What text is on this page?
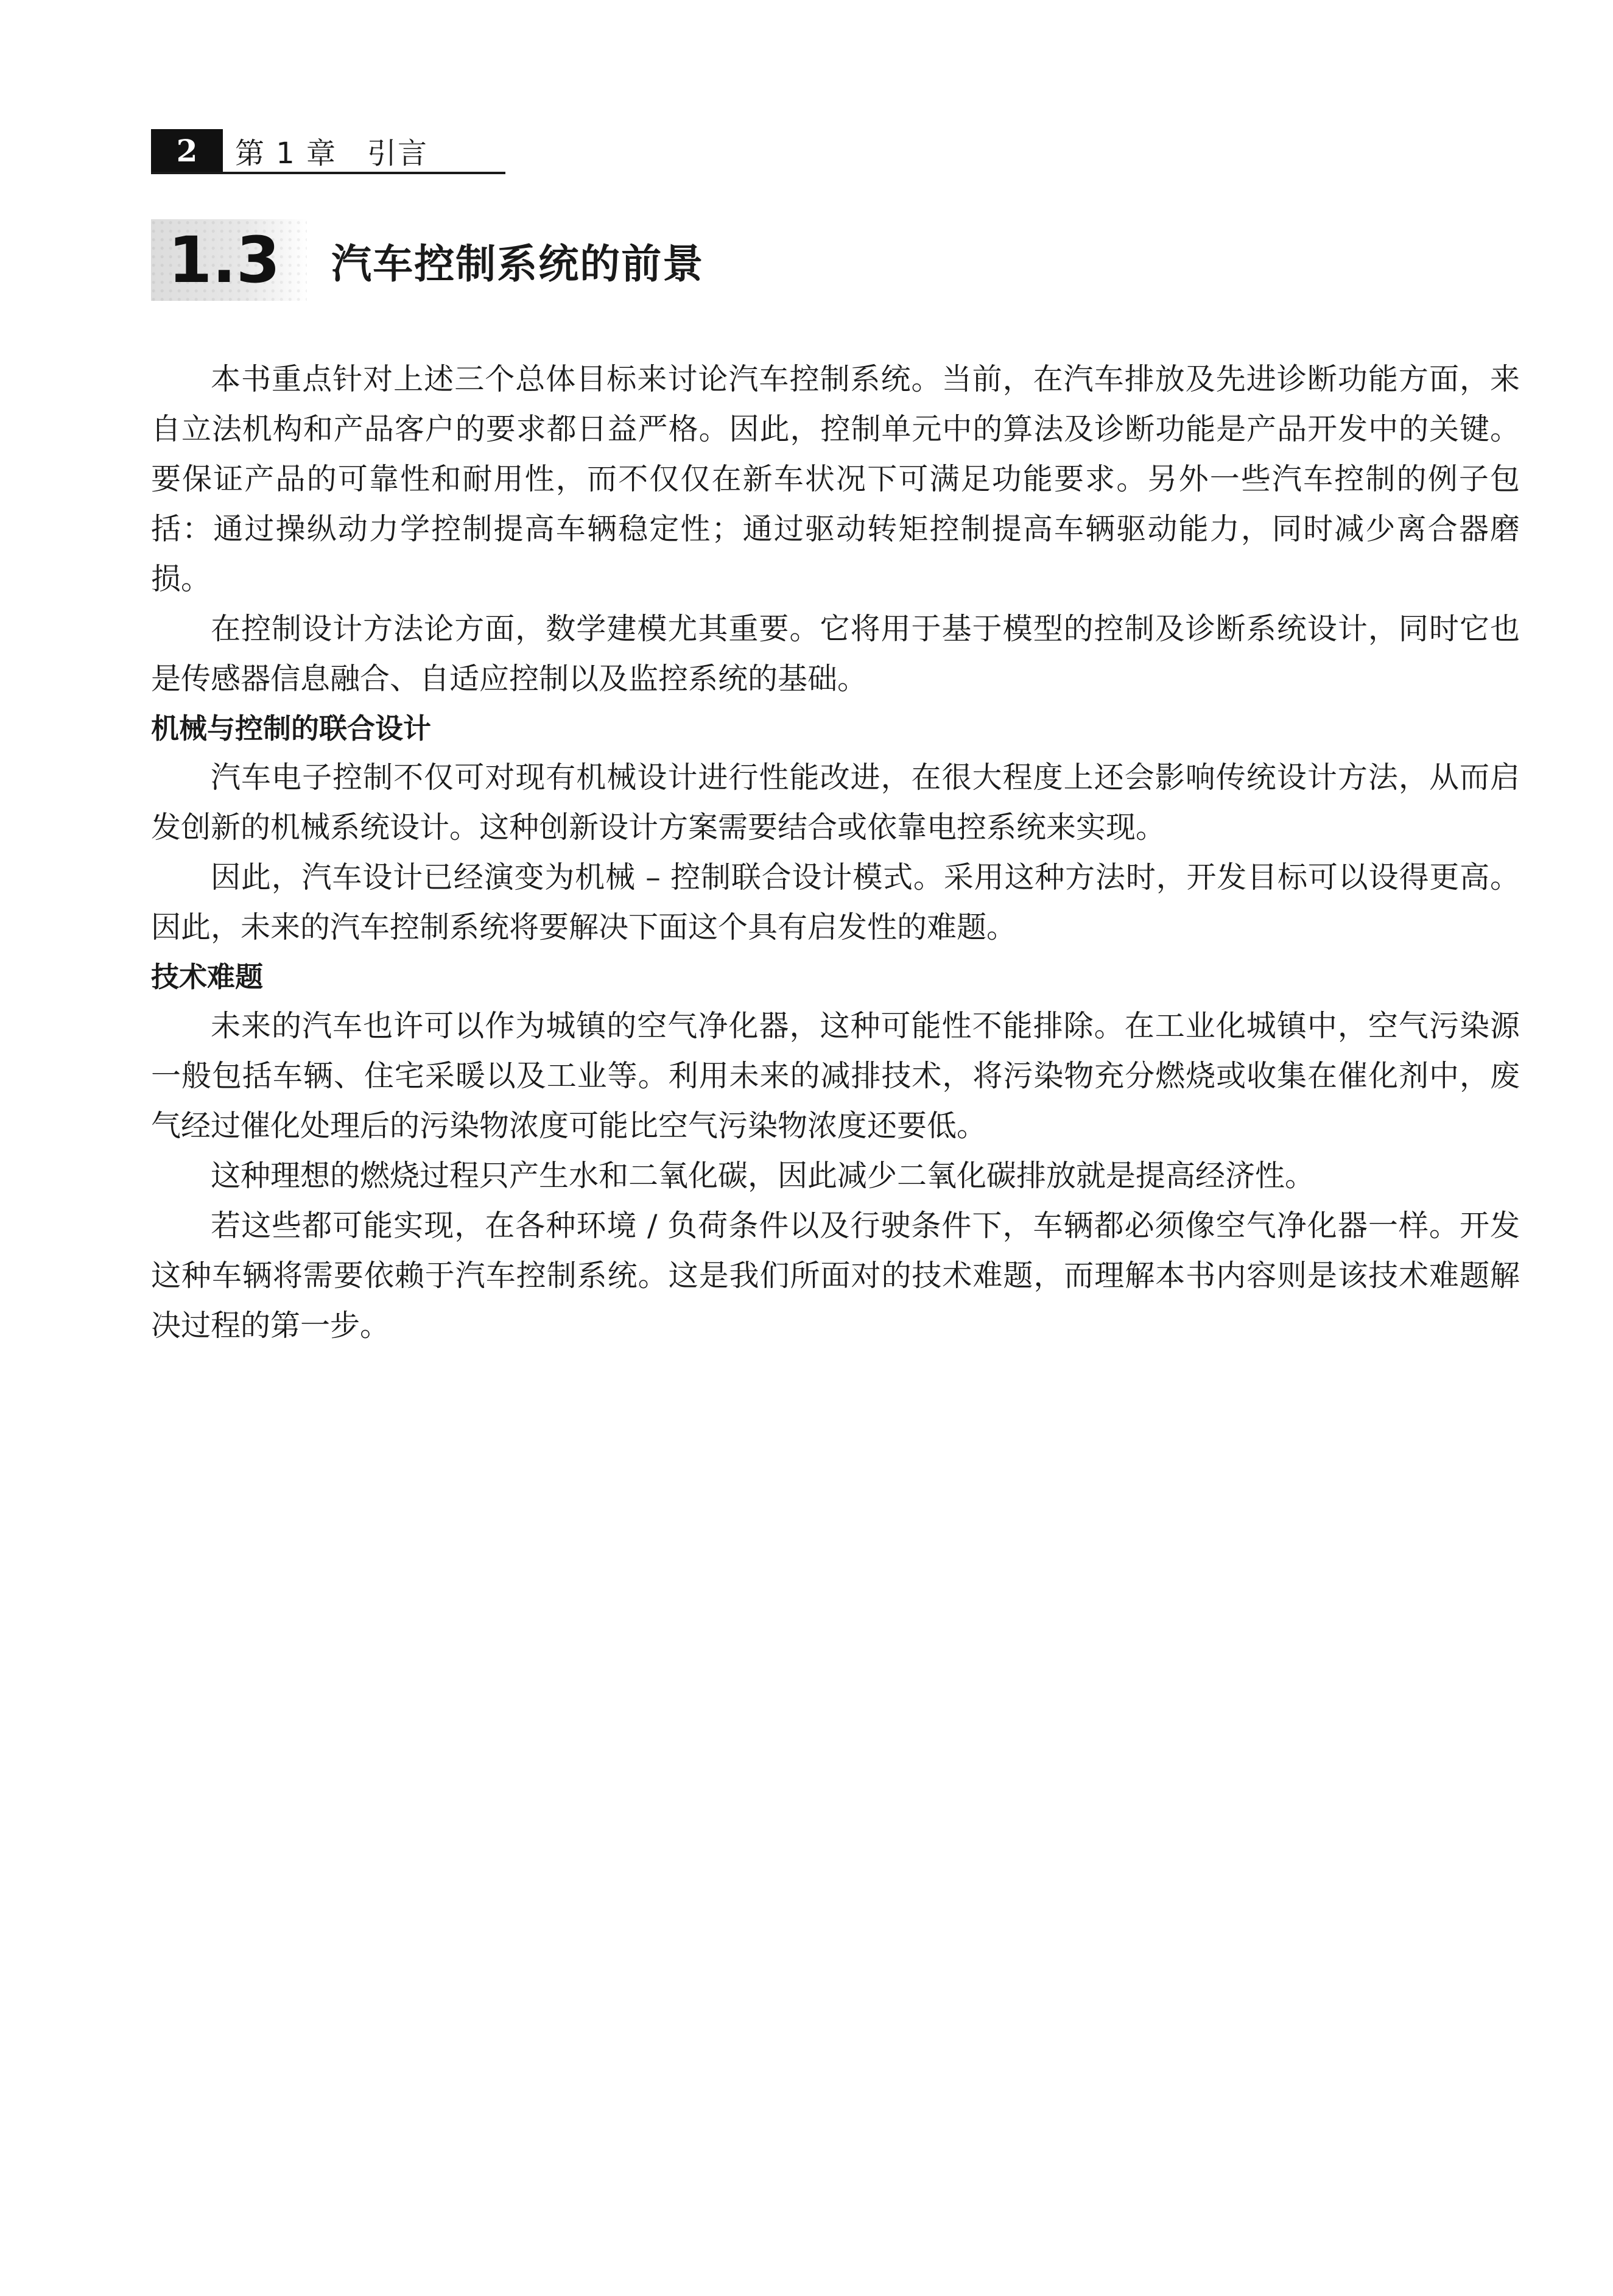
2	第 1 章　引言
1.3	汽车控制系统的前景

本书重点针对上述三个总体目标来讨论汽车控制系统。当前，在汽车排放及先进诊断功能方面，来自立法机构和产品客户的要求都日益严格。因此，控制单元中的算法及诊断功能是产品开发中的关键。要保证产品的可靠性和耐用性，而不仅仅在新车状况下可满足功能要求。另外一些汽车控制的例子包括：通过操纵动力学控制提高车辆稳定性；通过驱动转矩控制提高车辆驱动能力，同时减少离合器磨损。

在控制设计方法论方面，数学建模尤其重要。它将用于基于模型的控制及诊断系统设计，同时它也是传感器信息融合、自适应控制以及监控系统的基础。

机械与控制的联合设计

汽车电子控制不仅可对现有机械设计进行性能改进，在很大程度上还会影响传统设计方法，从而启发创新的机械系统设计。这种创新设计方案需要结合或依靠电控系统来实现。

因此，汽车设计已经演变为机械 – 控制联合设计模式。采用这种方法时，开发目标可以设得更高。因此，未来的汽车控制系统将要解决下面这个具有启发性的难题。

技术难题

未来的汽车也许可以作为城镇的空气净化器，这种可能性不能排除。在工业化城镇中，空气污染源一般包括车辆、住宅采暖以及工业等。利用未来的减排技术，将污染物充分燃烧或收集在催化剂中，废气经过催化处理后的污染物浓度可能比空气污染物浓度还要低。

这种理想的燃烧过程只产生水和二氧化碳，因此减少二氧化碳排放就是提高经济性。

若这些都可能实现，在各种环境 / 负荷条件以及行驶条件下，车辆都必须像空气净化器一样。开发这种车辆将需要依赖于汽车控制系统。这是我们所面对的技术难题，而理解本书内容则是该技术难题解决过程的第一步。
